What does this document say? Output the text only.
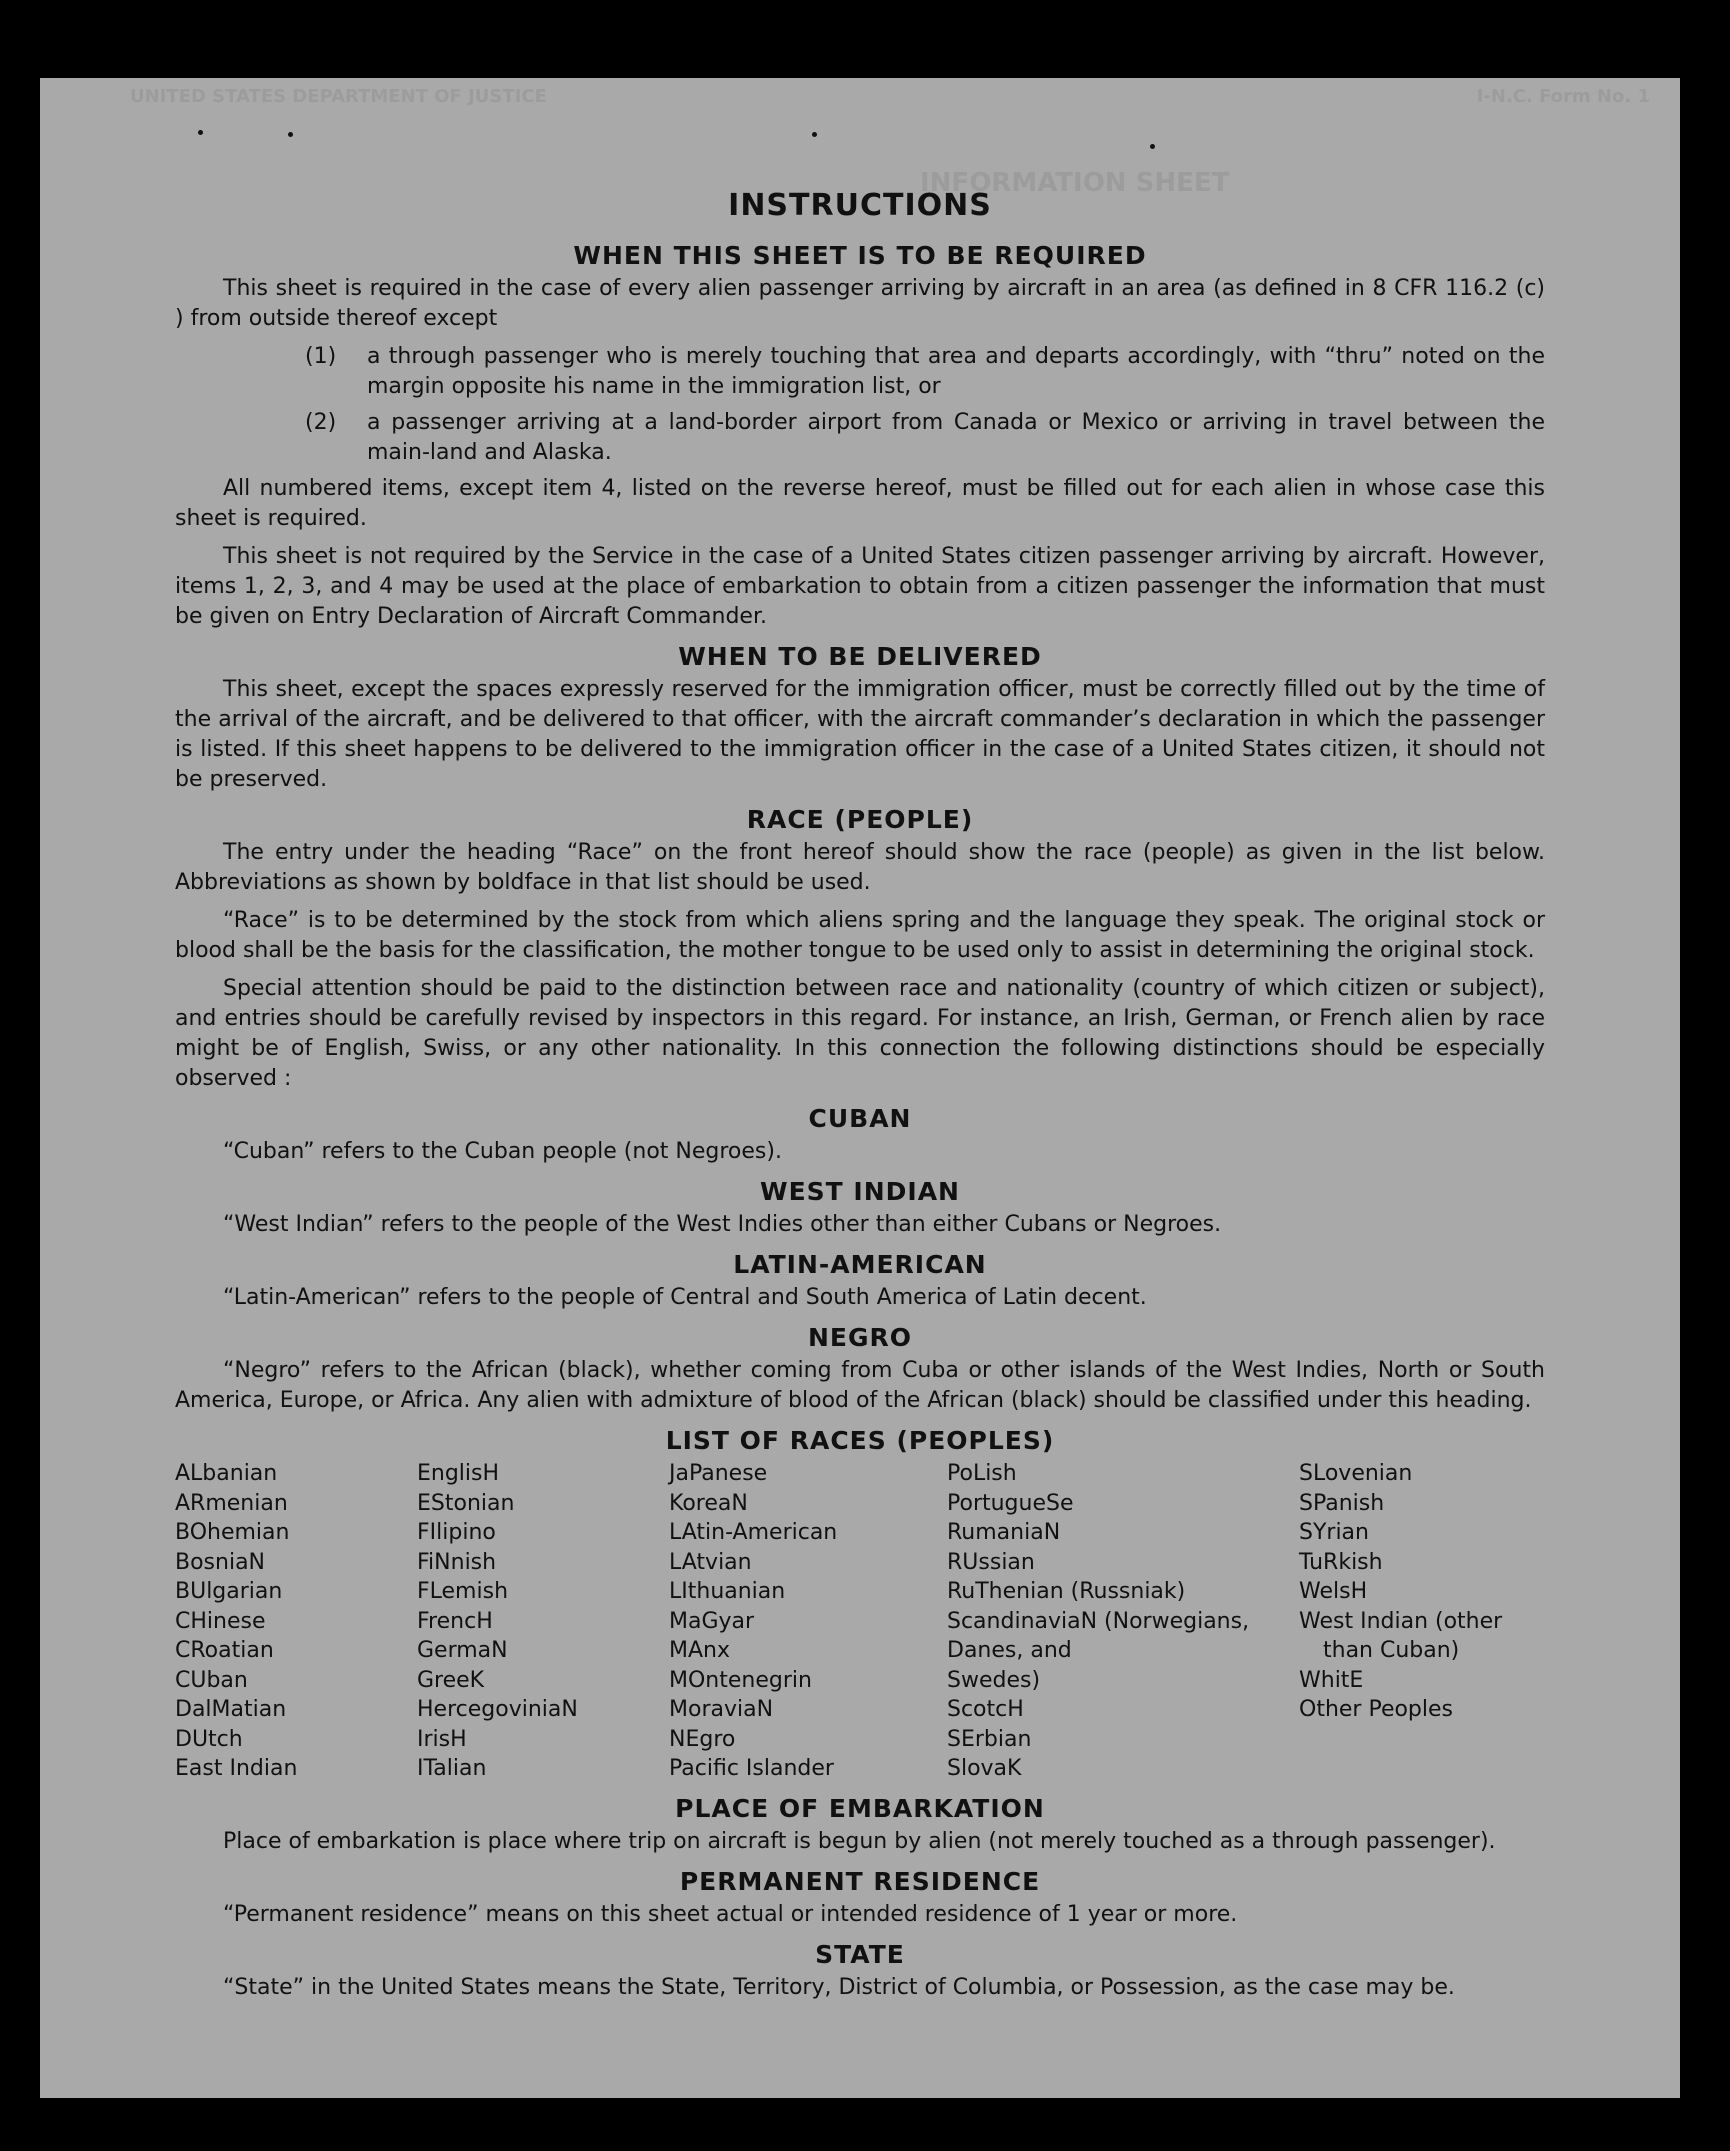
UNITED STATES DEPARTMENT OF JUSTICE	I-N.C. Form No. 1
INFORMATION SHEET
INSTRUCTIONS
WHEN THIS SHEET IS TO BE REQUIRED

This sheet is required in the case of every alien passenger arriving by aircraft in an area (as defined in 8 CFR 116.2 (c) ) from outside thereof except

(1)	a through passenger who is merely touching that area and departs accordingly, with “thru” noted on the margin opposite his name in the immigration list, or
(2)	a passenger arriving at a land-border airport from Canada or Mexico or arriving in travel between the main-land and Alaska.

All numbered items, except item 4, listed on the reverse hereof, must be filled out for each alien in whose case this sheet is required.

This sheet is not required by the Service in the case of a United States citizen passenger arriving by aircraft. However, items 1, 2, 3, and 4 may be used at the place of embarkation to obtain from a citizen passenger the information that must be given on Entry Declaration of Aircraft Commander.

WHEN TO BE DELIVERED

This sheet, except the spaces expressly reserved for the immigration officer, must be correctly filled out by the time of the arrival of the aircraft, and be delivered to that officer, with the aircraft commander’s declaration in which the passenger is listed. If this sheet happens to be delivered to the immigration officer in the case of a United States citizen, it should not be preserved.

RACE (PEOPLE)

The entry under the heading “Race” on the front hereof should show the race (people) as given in the list below. Abbreviations as shown by boldface in that list should be used.

“Race” is to be determined by the stock from which aliens spring and the language they speak. The original stock or blood shall be the basis for the classification, the mother tongue to be used only to assist in determining the original stock.

Special attention should be paid to the distinction between race and nationality (country of which citizen or subject), and entries should be carefully revised by inspectors in this regard. For instance, an Irish, German, or French alien by race might be of English, Swiss, or any other nationality. In this connection the following distinctions should be especially observed :

CUBAN

“Cuban” refers to the Cuban people (not Negroes).

WEST INDIAN

“West Indian” refers to the people of the West Indies other than either Cubans or Negroes.

LATIN-AMERICAN

“Latin-American” refers to the people of Central and South America of Latin decent.

NEGRO

“Negro” refers to the African (black), whether coming from Cuba or other islands of the West Indies, North or South America, Europe, or Africa. Any alien with admixture of blood of the African (black) should be classified under this heading.

LIST OF RACES (PEOPLES)
ALbanian
ARmenian
BOhemian
BosniaN
BUlgarian
CHinese
CRoatian
CUban
DalMatian
DUtch
East Indian
EnglisH
EStonian
FIlipino
FiNnish
FLemish
FrencH
GermaN
GreeK
HercegoviniaN
IrisH
ITalian
JaPanese
KoreaN
LAtin-American
LAtvian
LIthuanian
MaGyar
MAnx
MOntenegrin
MoraviaN
NEgro
Pacific Islander
PoLish
PortugueSe
RumaniaN
RUssian
RuThenian (Russniak)
ScandinaviaN (Norwegians,
Danes, and
Swedes)
ScotcH
SErbian
SlovaK
SLovenian
SPanish
SYrian
TuRkish
WelsH
West Indian (other
than Cuban)
WhitE
Other Peoples
PLACE OF EMBARKATION

Place of embarkation is place where trip on aircraft is begun by alien (not merely touched as a through passenger).

PERMANENT RESIDENCE

“Permanent residence” means on this sheet actual or intended residence of 1 year or more.

STATE

“State” in the United States means the State, Territory, District of Columbia, or Possession, as the case may be.
